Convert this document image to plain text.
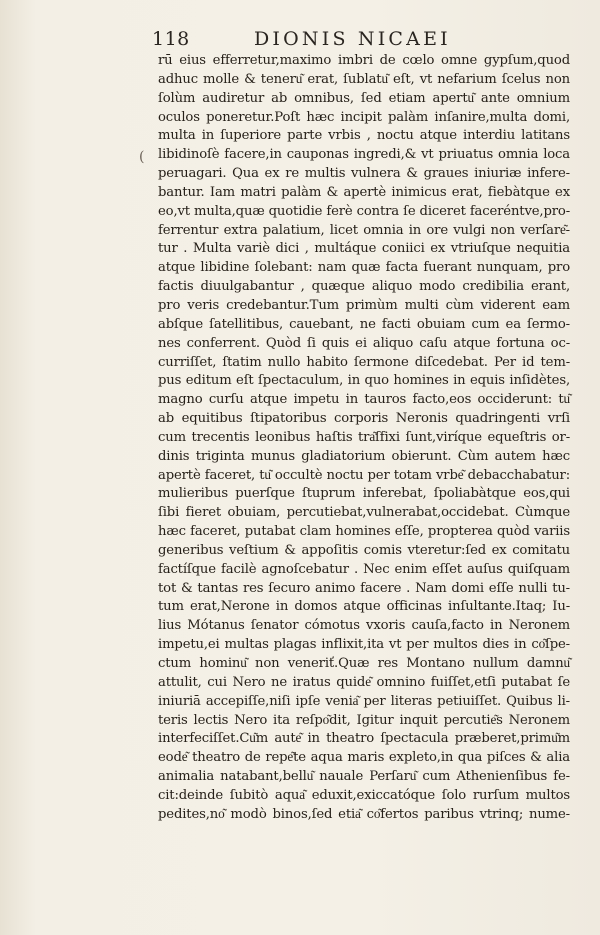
118	DIONIS NICAEI
(
rū eius efferretur,maximo imbri de cœlo omne gypſum,quod
adhuc molle & teneru͂ erat, ſublatu͂ eſt, vt nefarium ſcelus non
ſolùm audiretur ab omnibus, ſed etiam apertu͂ ante omnium
oculos poneretur.Poſt hæc incipit palàm inſanire,multa domi,
multa in ſuperiore parte vrbis , noctu atque interdiu latitans
libidinoſè facere,in cauponas ingredi,& vt priuatus omnia loca
peruagari. Qua ex re multis vulnera & graues iniuriæ infere-
bantur. Iam matri palàm & apertè inimicus erat, fiebàtque ex
eo,vt multa,quæ quotidie ferè contra ſe diceret faceréntve,pro-
ferrentur extra palatium, licet omnia in ore vulgi non verſare͂-
tur . Multa variè dici , multáque coniici ex vtriuſque nequitia
atque libidine ſolebant: nam quæ facta fuerant nunquam, pro
factis diuulgabantur , quæque aliquo modo credibilia erant,
pro veris credebantur.Tum primùm multi cùm viderent eam
abſque ſatellitibus, cauebant, ne facti obuiam cum ea ſermo-
nes conferrent. Quòd ſi quis ei aliquo caſu atque fortuna oc-
curriſſet, ſtatim nullo habito ſermone diſcedebat. Per id tem-
pus editum eſt ſpectaculum, in quo homines in equis inſidètes,
magno curſu atque impetu in tauros facto,eos occiderunt: tu͂
ab equitibus ſtipatoribus corporis Neronis quadringenti vrſi
cum trecentis leonibus haſtis tra͂ſfixi ſunt,viríque equeſtris or-
dinis triginta munus gladiatorium obierunt. Cùm autem hæc
apertè faceret, tu͂ occultè noctu per totam vrbe͂ debacchabatur:
mulieribus puerſque ſtuprum inferebat, ſpoliabàtque eos,qui
ſibi fieret obuiam, percutiebat,vulnerabat,occidebat. Cùmque
hæc faceret, putabat clam homines eſſe, propterea quòd variis
generibus veſtium & appoſitis comis vteretur:ſed ex comitatu
factíſque facilè agnoſcebatur . Nec enim eſſet auſus quiſquam
tot & tantas res ſecuro animo facere . Nam domi eſſe nulli tu-
tum erat,Nerone in domos atque officinas inſultante.Itaq; Iu-
lius Mótanus ſenator cómotus vxoris cauſa,facto in Neronem
impetu,ei multas plagas inflixit,ita vt per multos dies in co͂ſpe-
ctum hominu͂ non veneriť.Quæ res Montano nullum damnu͂
attulit, cui Nero ne iratus quide͂ omnino fuiſſet,etſi putabat ſe
iniuriā accepiſſe,niſi ipſe venia͂ per literas petiuiſſet. Quibus li-
teris lectis Nero ita reſpo͂dit, Igitur inquit percutie͂s Neronem
interfeciſſet.Cu͂m aute͂ in theatro ſpectacula præberet,primu͂m
eode͂ theatro de repe͂te aqua maris expleto,in qua piſces & alia
animalia natabant,bellu͂ nauale Perſaru͂ cum Athenienſibus fe-
cit:deinde ſubitò aqua͂ eduxit,exiccatóque ſolo rurſum multos
pedites,no͂ modò binos,ſed etia͂ co͂fertos paribus vtrinq; nume-
